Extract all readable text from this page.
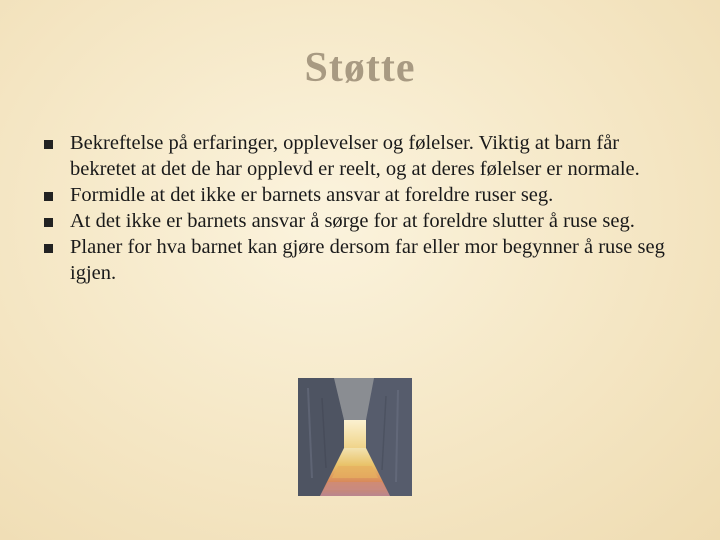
Støtte
Bekreftelse på erfaringer, opplevelser og følelser. Viktig at barn får bekretet at det de har opplevd er reelt, og at deres følelser er normale.
Formidle at det ikke er barnets ansvar at foreldre ruser seg.
At det ikke er barnets ansvar å sørge for at foreldre slutter å ruse seg.
Planer for hva barnet kan gjøre dersom far eller mor begynner å ruse seg igjen.
